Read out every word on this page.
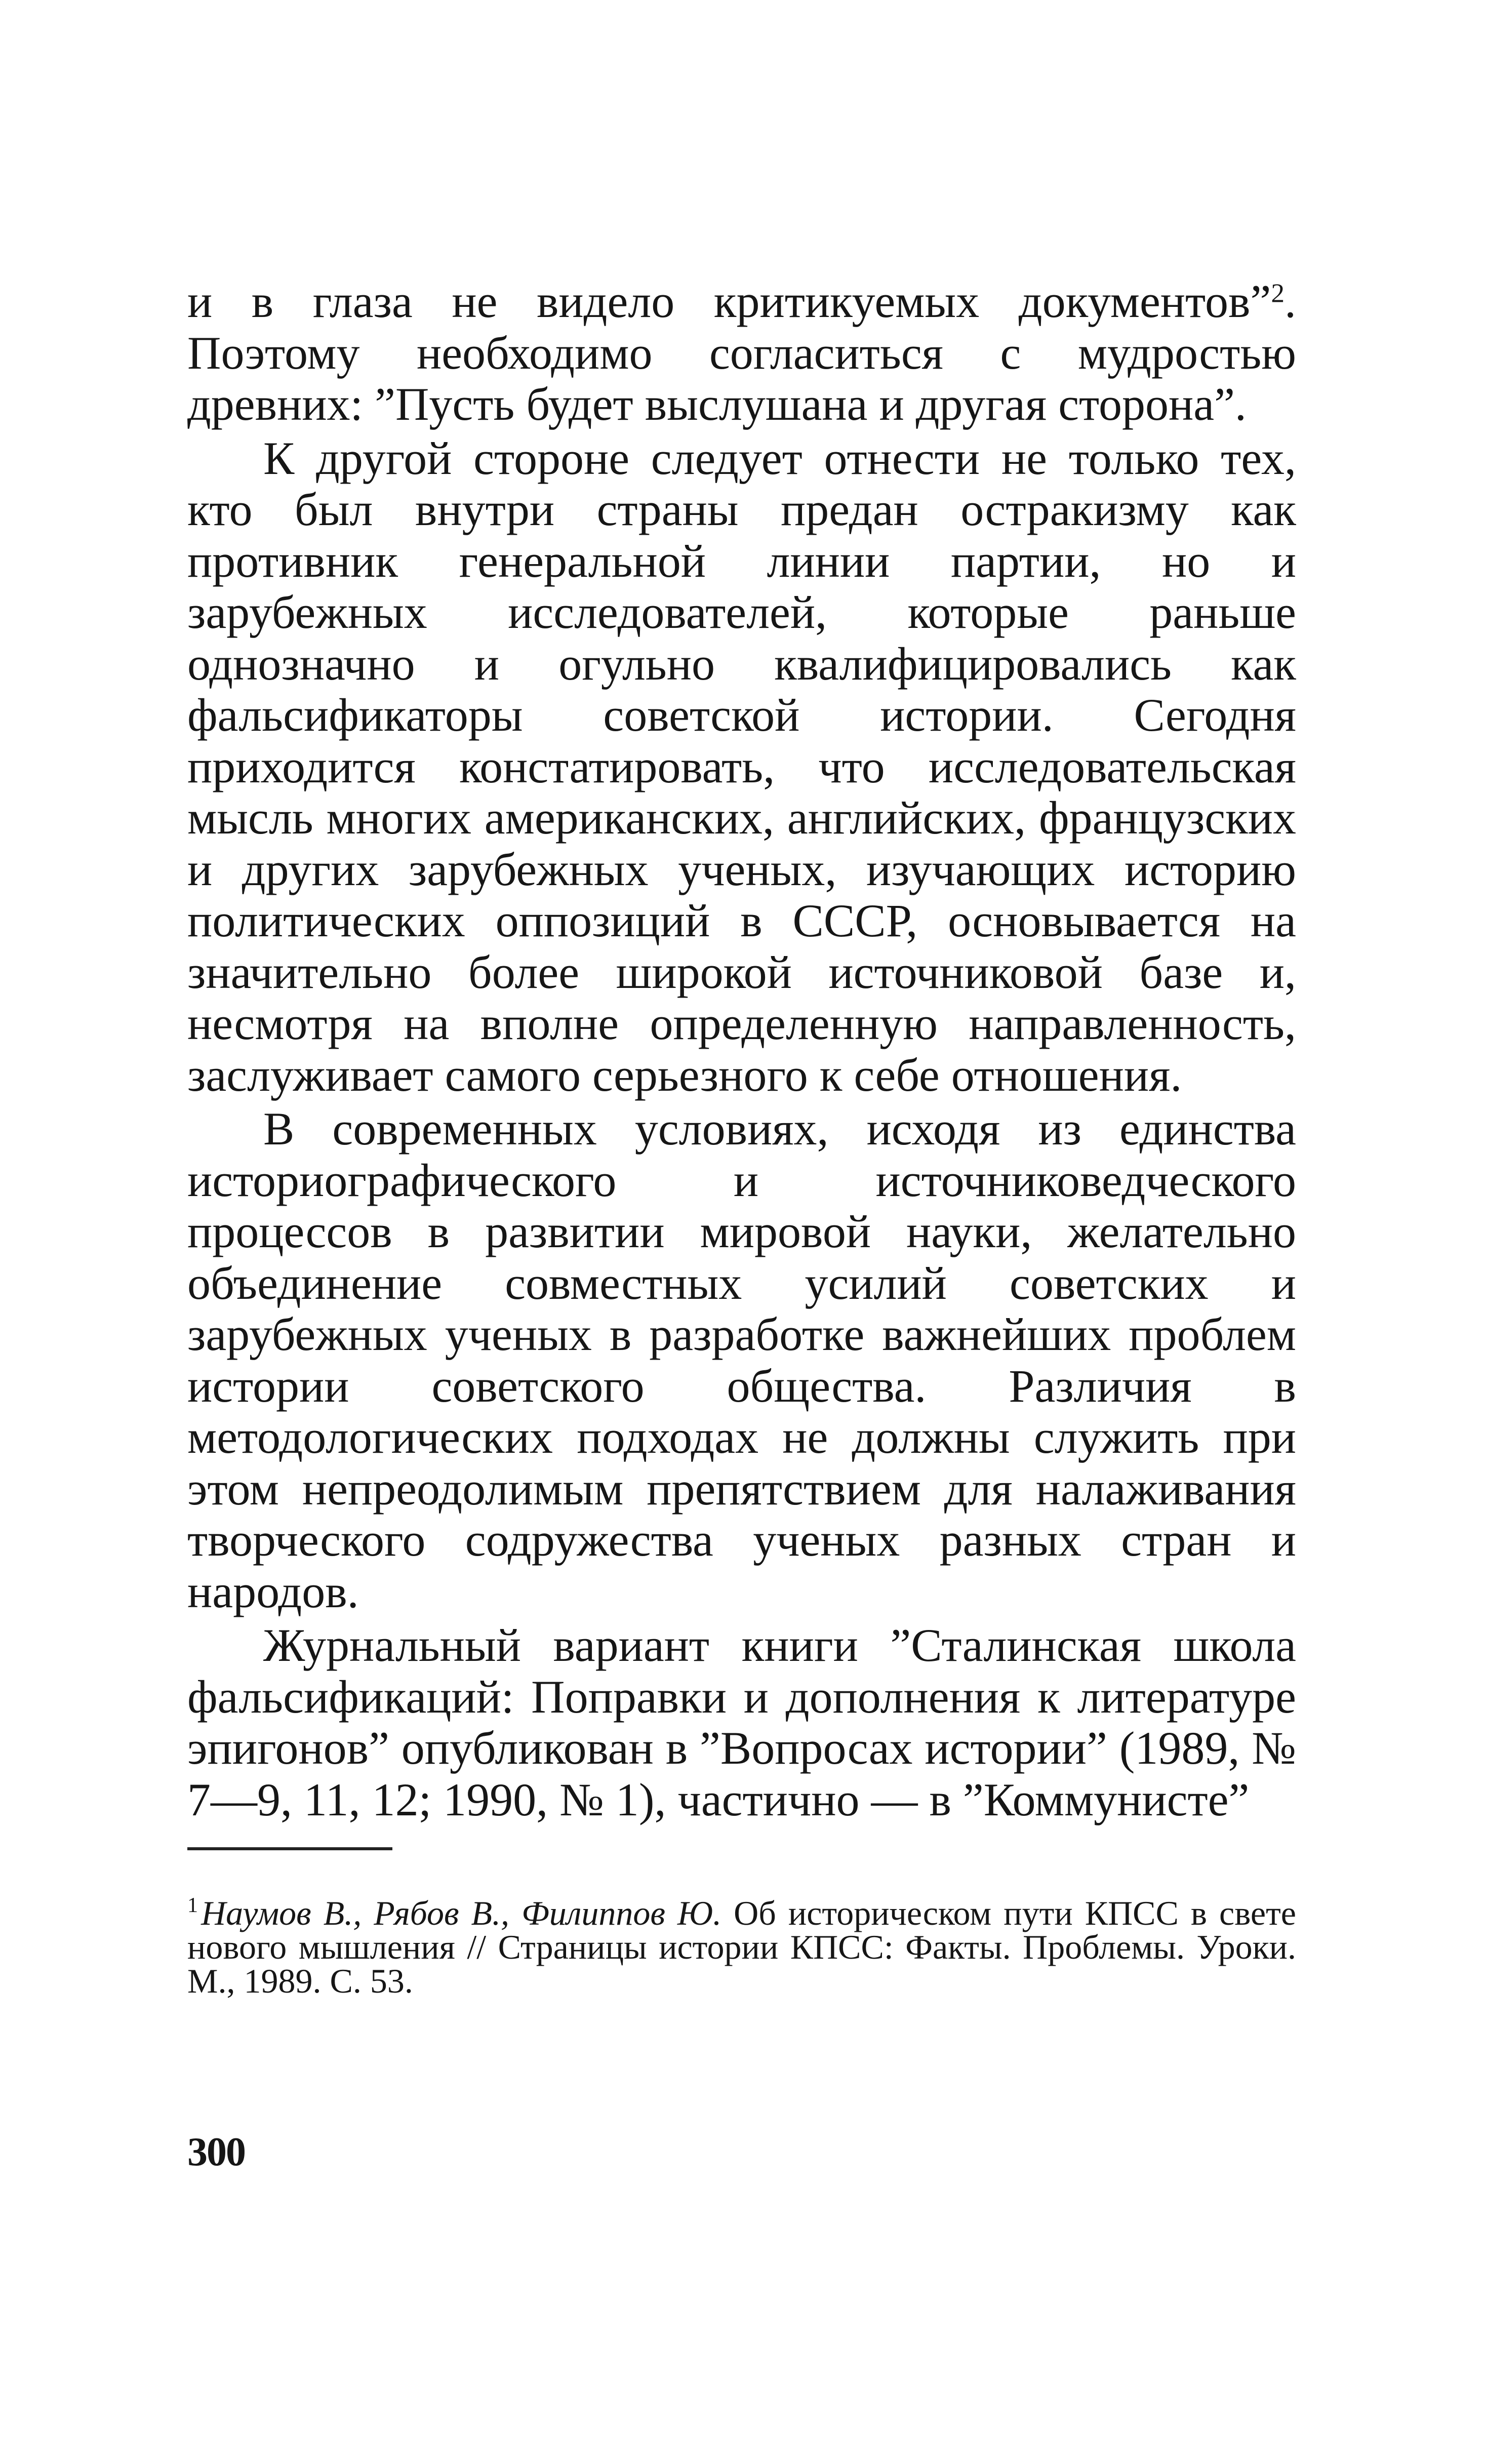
и в глаза не видело критикуемых документов”$^2$. Поэтому необходимо согласиться с мудростью древних: ”Пусть будет выслушана и другая сторона”.

К другой стороне следует отнести не только тех, кто был внутри страны предан остракизму как противник генеральной линии партии, но и зарубежных исследователей, которые раньше однозначно и огульно квалифицировались как фальсификаторы советской истории. Сегодня приходится констатировать, что исследовательская мысль многих американских, английских, французских и других зарубежных ученых, изучающих историю политических оппозиций в СССР, основывается на значительно более широкой источниковой базе и, несмотря на вполне определенную направленность, заслуживает самого серьезного к себе отношения.

В современных условиях, исходя из единства историографического и источниковедческого процессов в развитии мировой науки, желательно объединение совместных усилий советских и зарубежных ученых в разработке важнейших проблем истории советского общества. Различия в методологических подходах не должны служить при этом непреодолимым препятствием для налаживания творческого содружества ученых разных стран и народов.

Журнальный вариант книги ”Сталинская школа фальсификаций: Поправки и дополнения к литературе эпигонов” опубликован в ”Вопросах истории” (1989, № 7—9, 11, 12; 1990, № 1), частично — в ”Коммунисте”

$^1$Наумов В., Рябов В., Филиппов Ю. Об историческом пути КПСС в свете нового мышления // Страницы истории КПСС: Факты. Проблемы. Уроки. М., 1989. С. 53.
300
